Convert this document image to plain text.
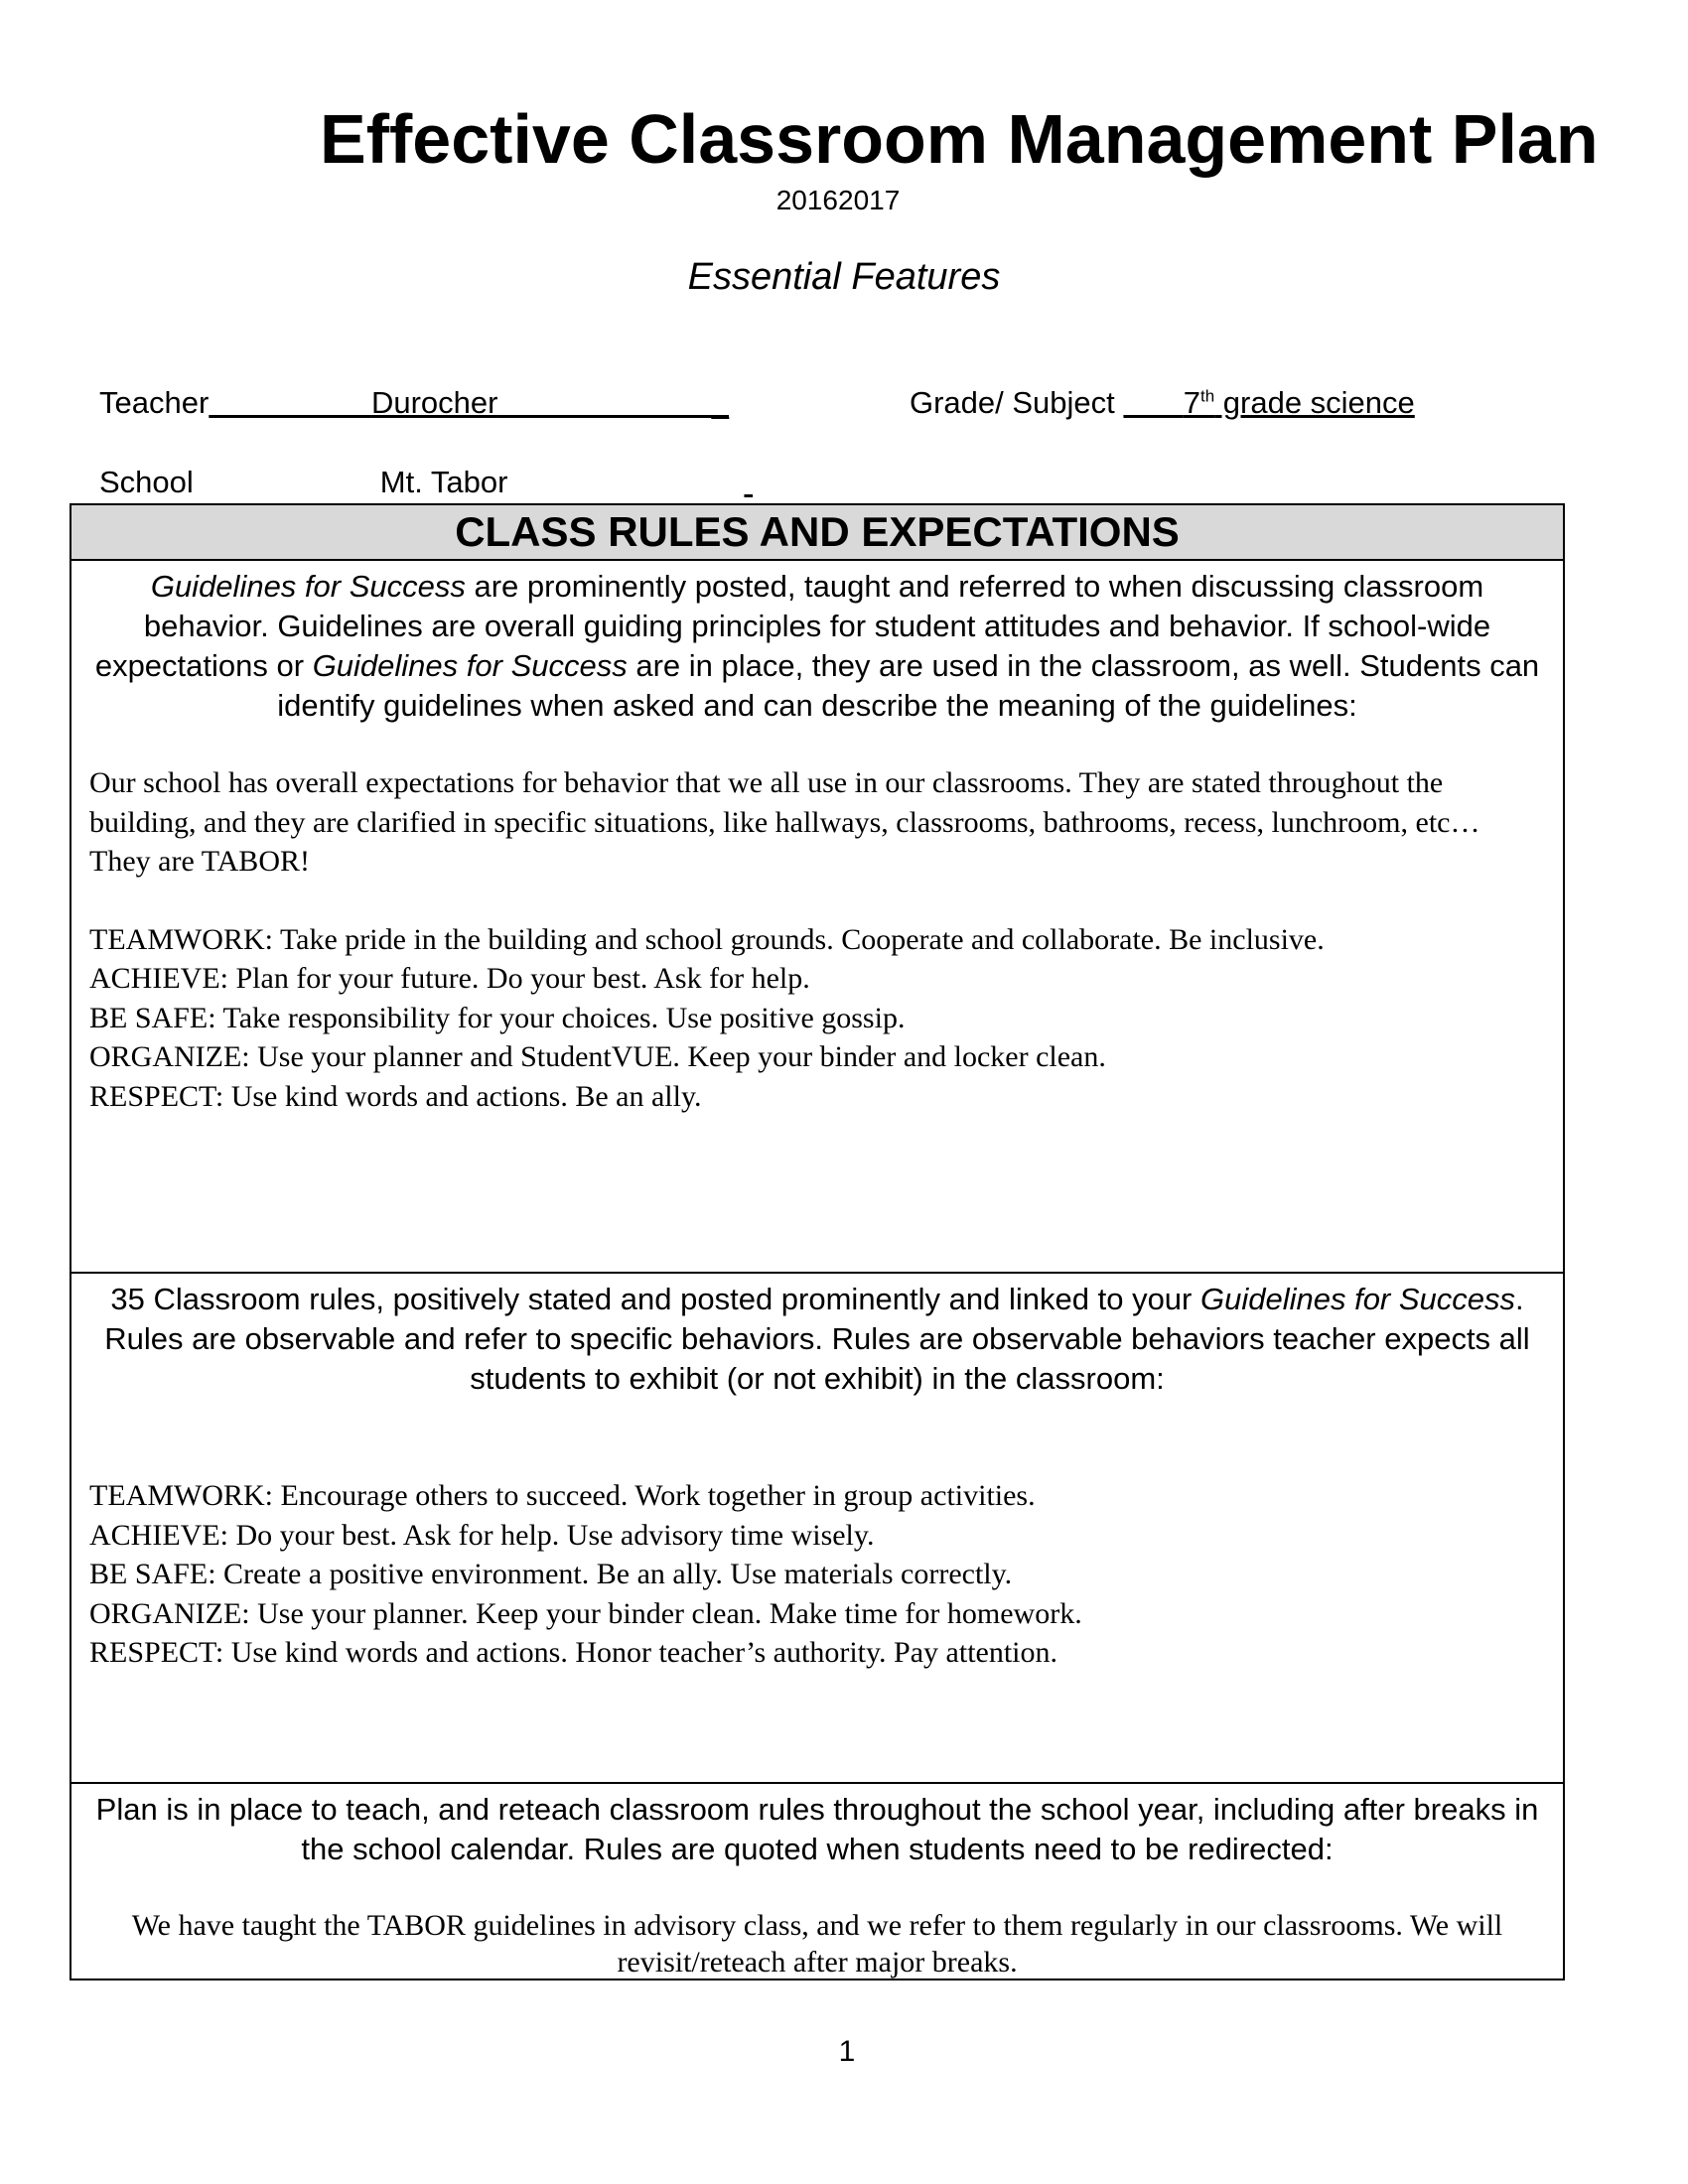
Effective Classroom Management Plan
20162017
Essential Features
Teacher	Durocher                         _	Grade/ Subject 7th grade science
School	Mt. Tabor
CLASS RULES AND EXPECTATIONS
Guidelines for Success are prominently posted, taught and referred to when discussing classroom behavior. Guidelines are overall guiding principles for student attitudes and behavior. If school-wide expectations or Guidelines for Success are in place, they are used in the classroom, as well. Students can identify guidelines when asked and can describe the meaning of the guidelines:

Our school has overall expectations for behavior that we all use in our classrooms. They are stated throughout the building, and they are clarified in specific situations, like hallways, classrooms, bathrooms, recess, lunchroom, etc… They are TABOR!

TEAMWORK: Take pride in the building and school grounds. Cooperate and collaborate. Be inclusive.
ACHIEVE: Plan for your future. Do your best. Ask for help.
BE SAFE: Take responsibility for your choices. Use positive gossip.
ORGANIZE: Use your planner and StudentVUE. Keep your binder and locker clean.
RESPECT: Use kind words and actions. Be an ally.
35 Classroom rules, positively stated and posted prominently and linked to your Guidelines for Success. Rules are observable and refer to specific behaviors. Rules are observable behaviors teacher expects all students to exhibit (or not exhibit) in the classroom:
TEAMWORK: Encourage others to succeed. Work together in group activities.
ACHIEVE: Do your best. Ask for help. Use advisory time wisely.
BE SAFE: Create a positive environment. Be an ally. Use materials correctly.
ORGANIZE: Use your planner. Keep your binder clean. Make time for homework.
RESPECT: Use kind words and actions. Honor teacher’s authority. Pay attention.
Plan is in place to teach, and reteach classroom rules throughout the school year, including after breaks in the school calendar. Rules are quoted when students need to be redirected:
We have taught the TABOR guidelines in advisory class, and we refer to them regularly in our classrooms. We will revisit/reteach after major breaks.
1
